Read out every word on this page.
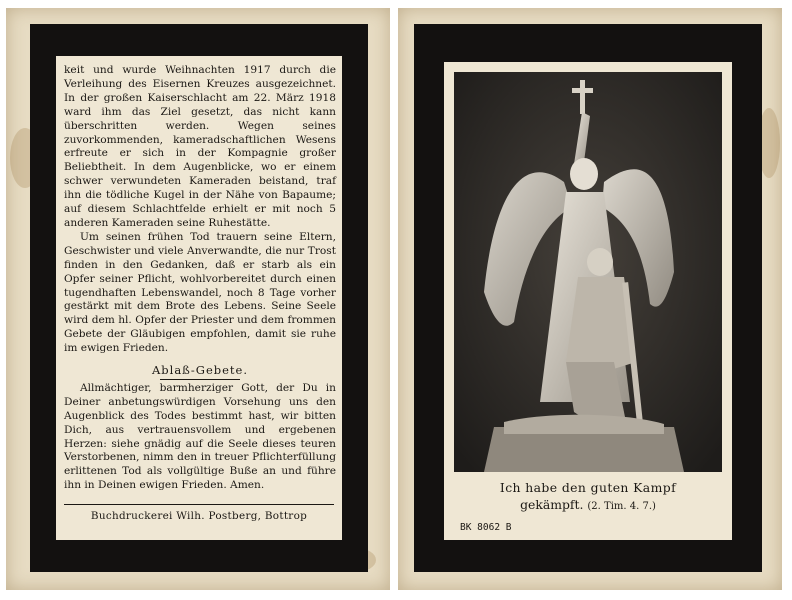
keit und wurde Weihnachten 1917 durch die Verleihung des Eisernen Kreuzes ausgezeichnet. In der großen Kaiserschlacht am 22. März 1918 ward ihm das Ziel gesetzt, das nicht kann überschritten werden. Wegen seines zuvorkommenden, kameradschaftlichen Wesens erfreute er sich in der Kompagnie großer Beliebtheit. In dem Augenblicke, wo er einem schwer verwundeten Kameraden beistand, traf ihn die tödliche Kugel in der Nähe von Bapaume; auf diesem Schlachtfelde erhielt er mit noch 5 anderen Kameraden seine Ruhestätte.

Um seinen frühen Tod trauern seine Eltern, Geschwister und viele Anverwandte, die nur Trost finden in den Gedanken, daß er starb als ein Opfer seiner Pflicht, wohlvorbereitet durch einen tugendhaften Lebenswandel, noch 8 Tage vorher gestärkt mit dem Brote des Lebens. Seine Seele wird dem hl. Opfer der Priester und dem frommen Gebete der Gläubigen empfohlen, damit sie ruhe im ewigen Frieden.

Ablaß-Gebete.

Allmächtiger, barmherziger Gott, der Du in Deiner anbetungswürdigen Vorsehung uns den Augenblick des Todes bestimmt hast, wir bitten Dich, aus vertrauensvollem und ergebenen Herzen: siehe gnädig auf die Seele dieses teuren Verstorbenen, nimm den in treuer Pflichterfüllung erlittenen Tod als vollgültige Buße an und führe ihn in Deinen ewigen Frieden. Amen.

Buchdruckerei Wilh. Postberg, Bottrop
Ich habe den guten Kampf
gekämpft. (2. Tim. 4. 7.)
BK 8062 B
